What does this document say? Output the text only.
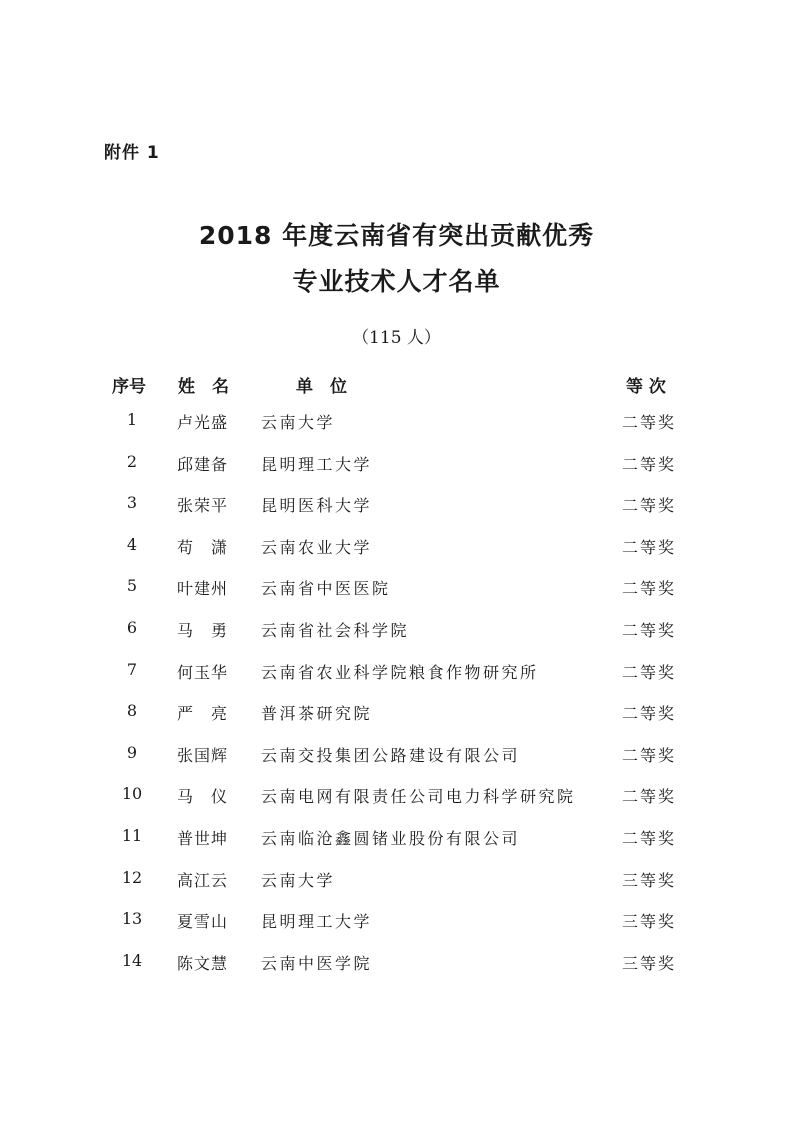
附件 1
2018 年度云南省有突出贡献优秀
专业技术人才名单
（115 人）
序号 姓　名	单　位	等 次
1	卢光盛 云南大学	二等奖
2	邱建备 昆明理工大学	二等奖
3	张荣平 昆明医科大学	二等奖
4	苟　潇 云南农业大学	二等奖
5	叶建州 云南省中医医院	二等奖
6	马　勇 云南省社会科学院	二等奖
7	何玉华 云南省农业科学院粮食作物研究所	二等奖
8	严　亮 普洱茶研究院	二等奖
9	张国辉 云南交投集团公路建设有限公司	二等奖
10	马　仪 云南电网有限责任公司电力科学研究院	二等奖
11	普世坤 云南临沧鑫圆锗业股份有限公司	二等奖
12	高江云 云南大学	三等奖
13	夏雪山 昆明理工大学	三等奖
14	陈文慧 云南中医学院	三等奖
